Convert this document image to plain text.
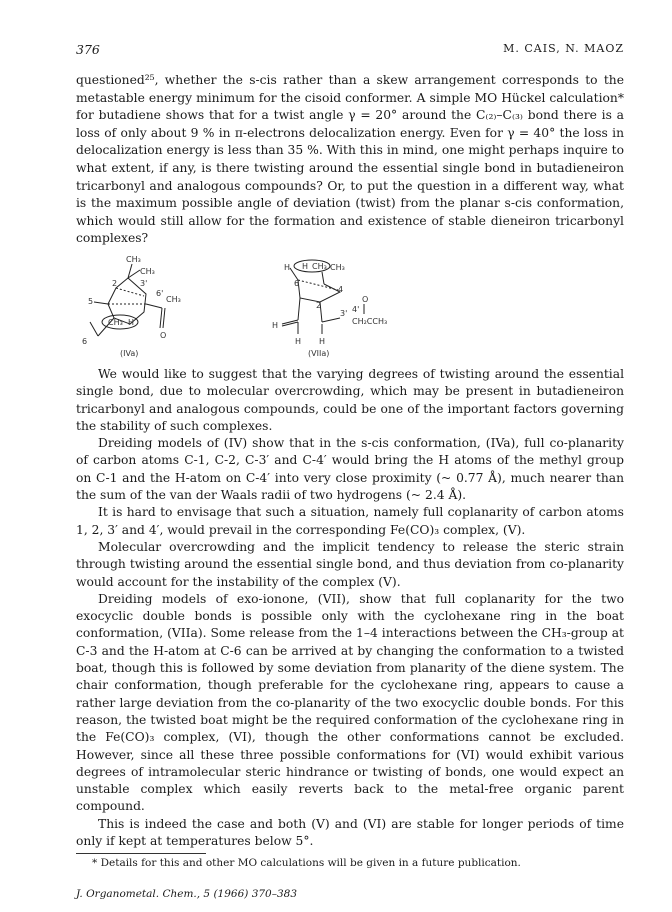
376	M. CAIS, N. MAOZ

questioned²⁵, whether the s-cis rather than a skew arrangement corresponds to the metastable energy minimum for the cisoid conformer. A simple MO Hückel calculation* for butadiene shows that for a twist angle γ = 20° around the C₍₂₎–C₍₃₎ bond there is a loss of only about 9 % in π-electrons delocalization energy. Even for γ = 40° the loss in delocalization energy is less than 35 %. With this in mind, one might perhaps inquire to what extent, if any, is there twisting around the essential single bond in butadieneiron tricarbonyl and analogous compounds? Or, to put the question in a different way, what is the maximum possible angle of deviation (twist) from the planar s-cis conformation, which would still allow for the formation and existence of stable dieneiron tricarbonyl complexes?

CH₃
CH₃
2	3'
5
6'
CH₃
O
6
CH₃ H
(IVa)
H H CH₃ CH₃
6
4
2
H
3' 4'
O
CH₂CCH₃
H H
(VIIa)

We would like to suggest that the varying degrees of twisting around the essential single bond, due to molecular overcrowding, which may be present in butadieneiron tricarbonyl and analogous compounds, could be one of the important factors governing the stability of such complexes.

Dreiding models of (IV) show that in the s-cis conformation, (IVa), full co-planarity of carbon atoms C-1, C-2, C-3′ and C-4′ would bring the H atoms of the methyl group on C-1 and the H-atom on C-4′ into very close proximity (~ 0.77 Å), much nearer than the sum of the van der Waals radii of two hydrogens (~ 2.4 Å).

It is hard to envisage that such a situation, namely full coplanarity of carbon atoms 1, 2, 3′ and 4′, would prevail in the corresponding Fe(CO)₃ complex, (V).

Molecular overcrowding and the implicit tendency to release the steric strain through twisting around the essential single bond, and thus deviation from co-planarity would account for the instability of the complex (V).

Dreiding models of exo-ionone, (VII), show that full coplanarity for the two exocyclic double bonds is possible only with the cyclohexane ring in the boat conformation, (VIIa). Some release from the 1–4 interactions between the CH₃-group at C-3 and the H-atom at C-6 can be arrived at by changing the conformation to a twisted boat, though this is followed by some deviation from planarity of the diene system. The chair conformation, though preferable for the cyclohexane ring, appears to cause a rather large deviation from the co-planarity of the two exocyclic double bonds. For this reason, the twisted boat might be the required conformation of the cyclohexane ring in the Fe(CO)₃ complex, (VI), though the other conformations cannot be excluded. However, since all these three possible conformations for (VI) would exhibit various degrees of intramolecular steric hindrance or twisting of bonds, one would expect an unstable complex which easily reverts back to the metal-free organic parent compound.

This is indeed the case and both (V) and (VI) are stable for longer periods of time only if kept at temperatures below 5°.

* Details for this and other MO calculations will be given in a future publication.

J. Organometal. Chem., 5 (1966) 370–383
